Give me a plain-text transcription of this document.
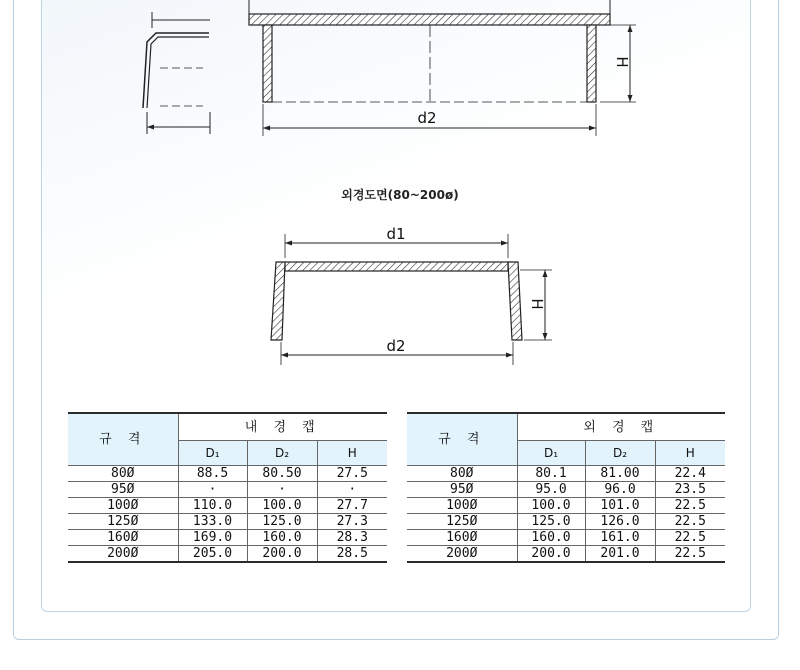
H
d2
d1
H
d2
외경도면(80~200ø)
규 격	내 경 캡		
	D₁	D₂	H
80Ø	88.5	80.50	27.5
95Ø	·	·	·
100Ø	110.0	100.0	27.7
125Ø	133.0	125.0	27.3
160Ø	169.0	160.0	28.3
200Ø	205.0	200.0	28.5
규 격	외 경 캡		
	D₁	D₂	H
80Ø	80.1	81.00	22.4
95Ø	95.0	96.0	23.5
100Ø	100.0	101.0	22.5
125Ø	125.0	126.0	22.5
160Ø	160.0	161.0	22.5
200Ø	200.0	201.0	22.5
